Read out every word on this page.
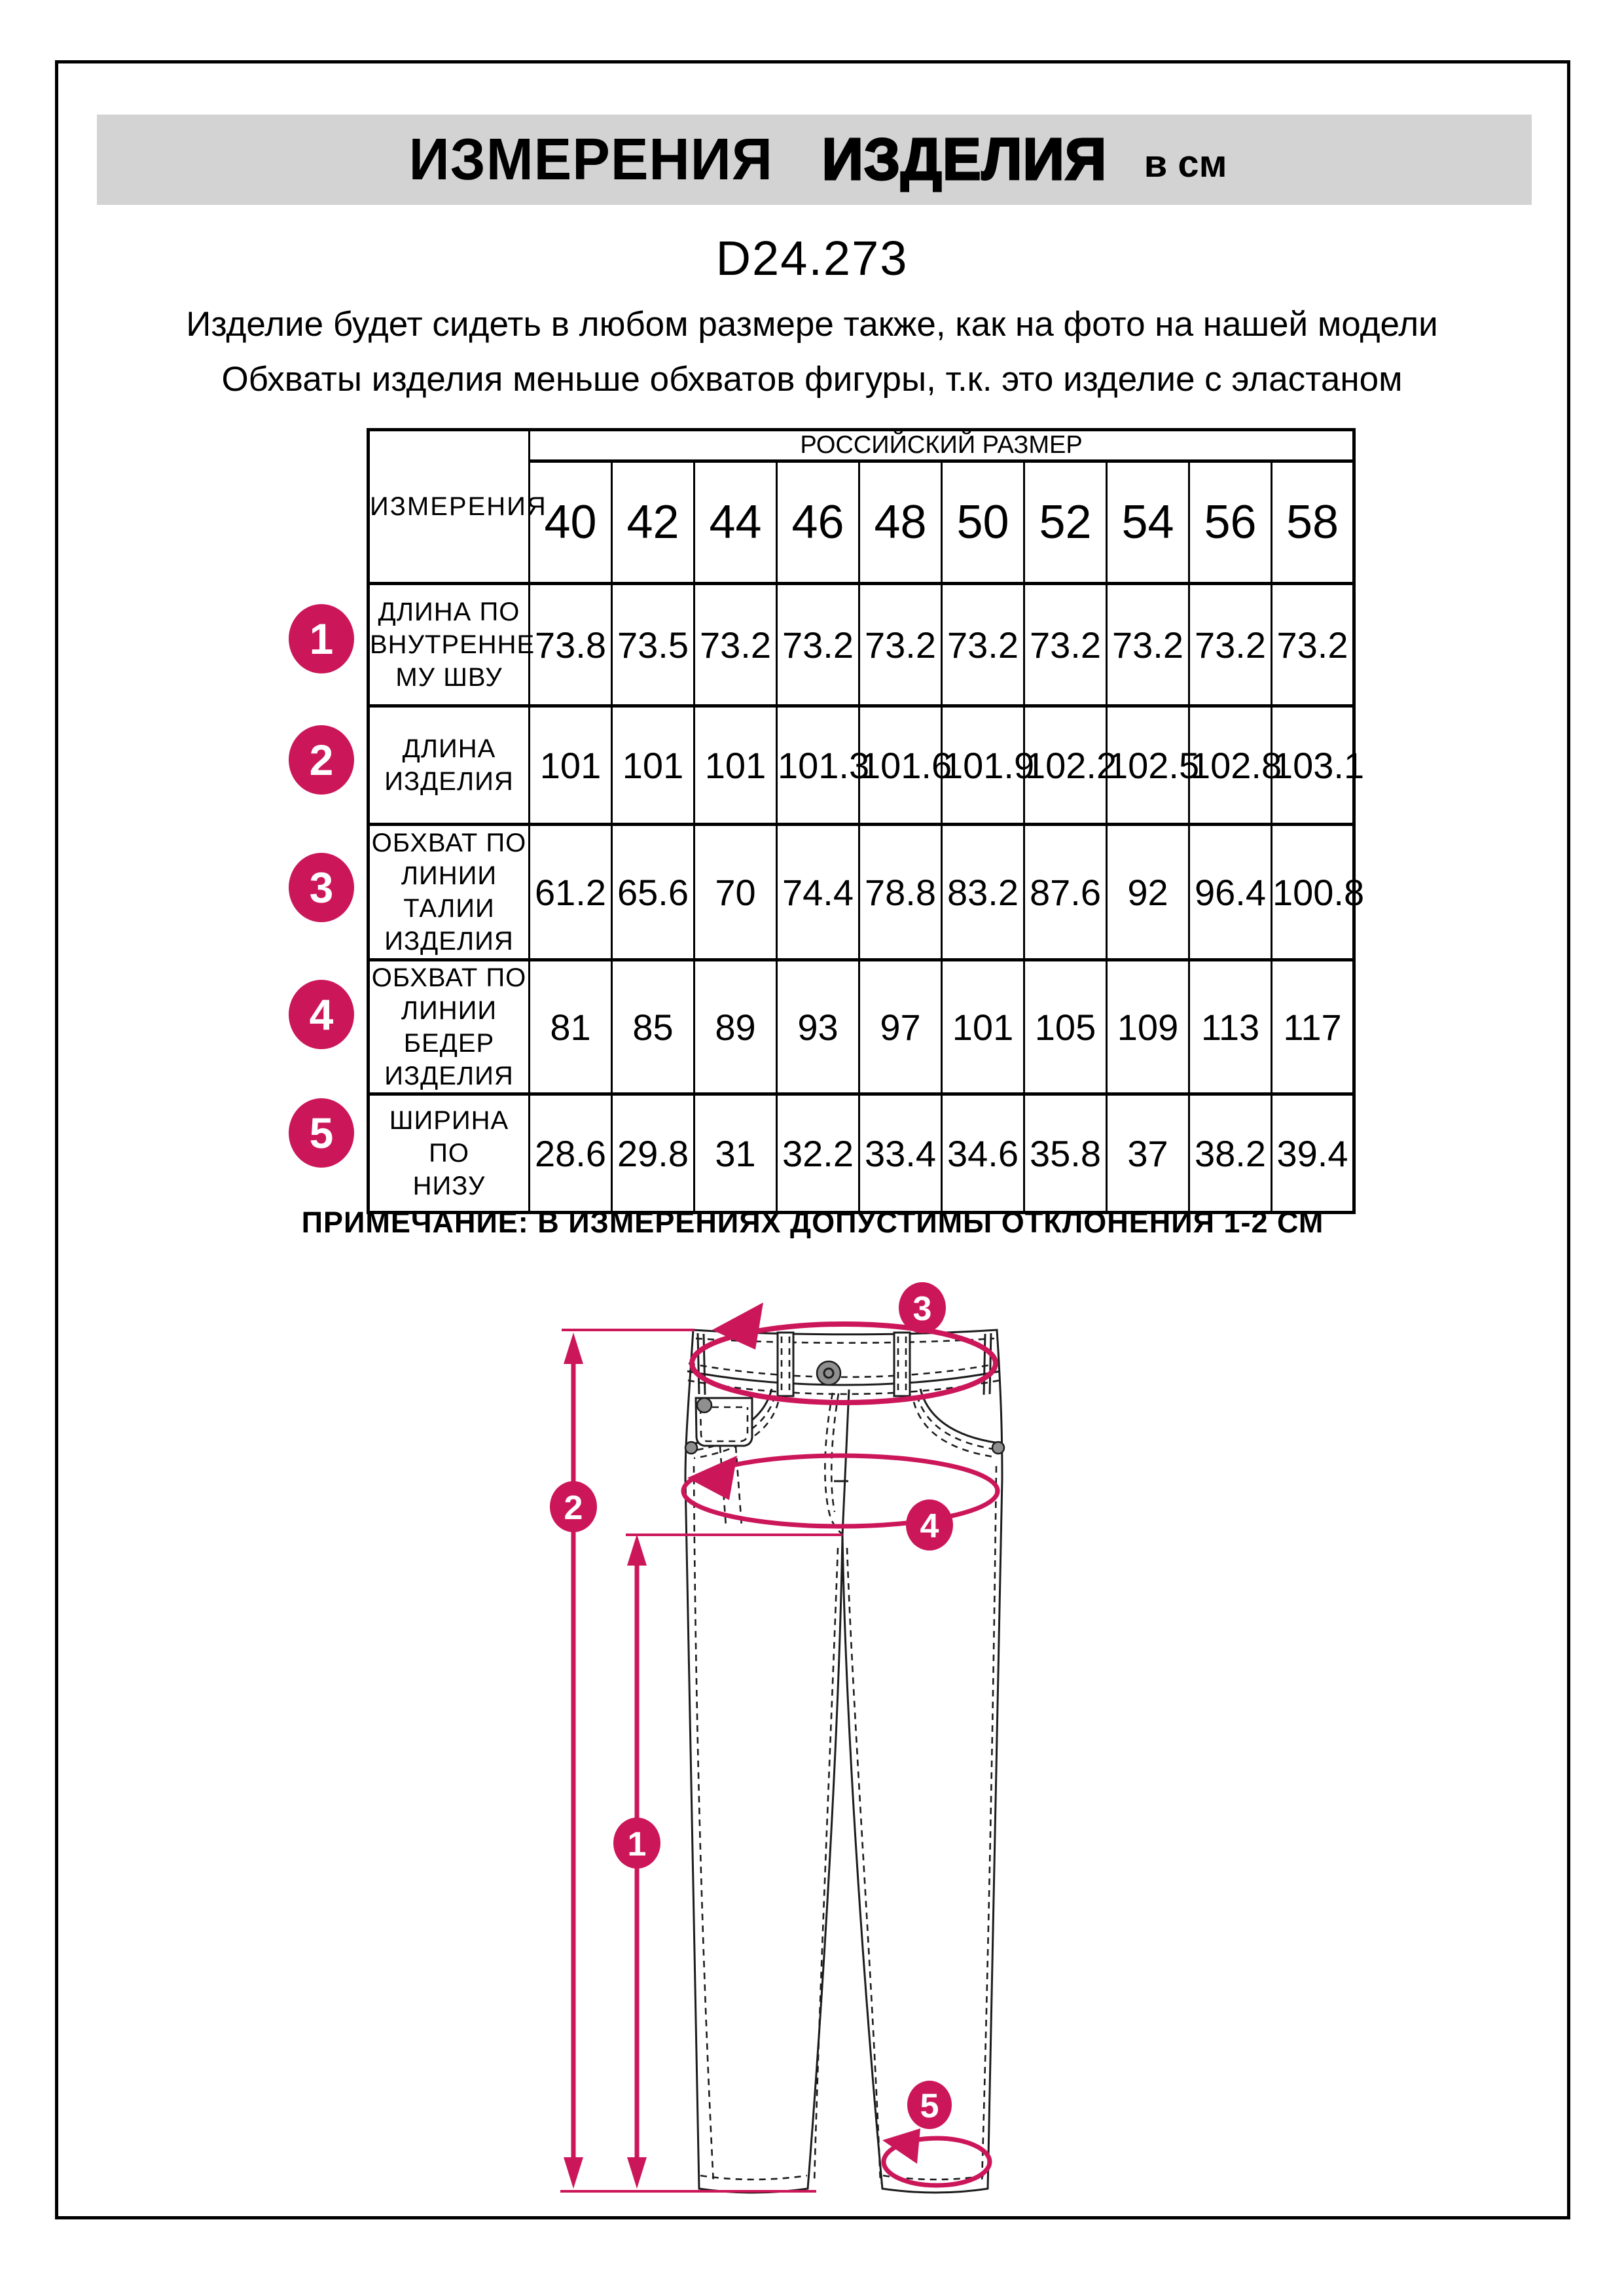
ИЗМЕРЕНИЯ ИЗДЕЛИЯ в см
D24.273
Изделие будет сидеть в любом размере также, как на фото на нашей модели
Обхваты изделия меньше обхватов фигуры, т.к. это изделие с эластаном
ИЗМЕРЕНИЯ	РОССИЙСКИЙ РАЗМЕР									
	40	42	44	46	48	50	52	54	56	58

ДЛИНА ПО
ВНУТРЕННЕ
МУ ШВУ	73.8	73.5	73.2	73.2	73.2	73.2	73.2	73.2	73.2	73.2

ДЛИНА
ИЗДЕЛИЯ	101	101	101	101.3	101.6	101.9	102.2	102.5	102.8	103.1

ОБХВАТ ПО
ЛИНИИ
ТАЛИИ
ИЗДЕЛИЯ	61.2	65.6	70	74.4	78.8	83.2	87.6	92	96.4	100.8

ОБХВАТ ПО
ЛИНИИ
БЕДЕР
ИЗДЕЛИЯ	81	85	89	93	97	101	105	109	113	117

ШИРИНА ПО
НИЗУ	28.6	29.8	31	32.2	33.4	34.6	35.8	37	38.2	39.4
1
2
3
4
5
ПРИМЕЧАНИЕ: В ИЗМЕРЕНИЯХ ДОПУСТИМЫ ОТКЛОНЕНИЯ 1-2 СМ
1
2
3
4
5
